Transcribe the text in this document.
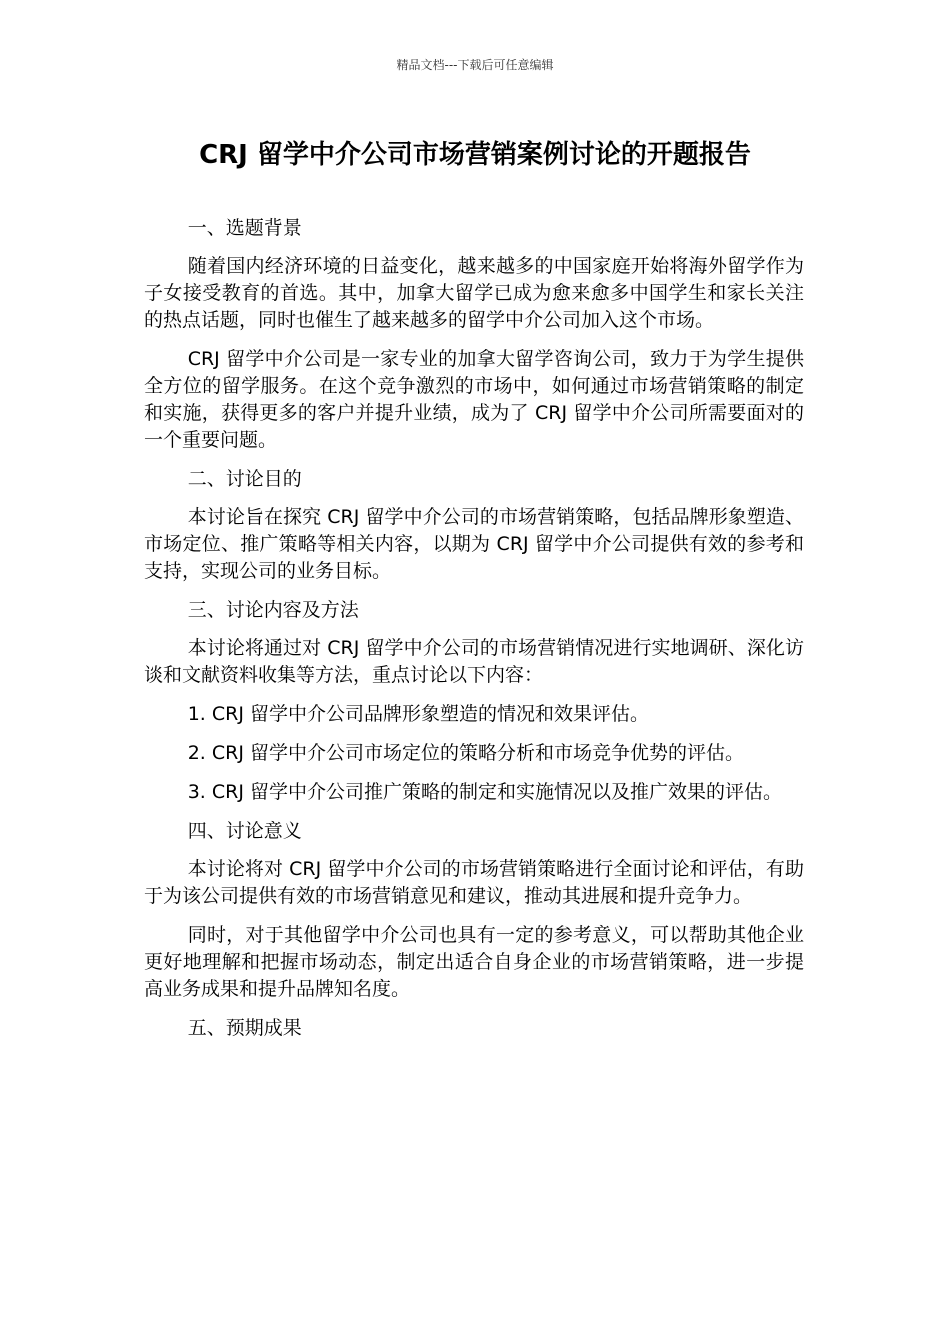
精品文档---下载后可任意编辑
CRJ 留学中介公司市场营销案例讨论的开题报告

一、选题背景

随着国内经济环境的日益变化，越来越多的中国家庭开始将海外留学作为子女接受教育的首选。其中，加拿大留学已成为愈来愈多中国学生和家长关注的热点话题，同时也催生了越来越多的留学中介公司加入这个市场。

CRJ 留学中介公司是一家专业的加拿大留学咨询公司，致力于为学生提供全方位的留学服务。在这个竞争激烈的市场中，如何通过市场营销策略的制定和实施，获得更多的客户并提升业绩，成为了 CRJ 留学中介公司所需要面对的一个重要问题。

二、讨论目的

本讨论旨在探究 CRJ 留学中介公司的市场营销策略，包括品牌形象塑造、市场定位、推广策略等相关内容，以期为 CRJ 留学中介公司提供有效的参考和支持，实现公司的业务目标。

三、讨论内容及方法

本讨论将通过对 CRJ 留学中介公司的市场营销情况进行实地调研、深化访谈和文献资料收集等方法，重点讨论以下内容：

1. CRJ 留学中介公司品牌形象塑造的情况和效果评估。

2. CRJ 留学中介公司市场定位的策略分析和市场竞争优势的评估。

3. CRJ 留学中介公司推广策略的制定和实施情况以及推广效果的评估。

四、讨论意义

本讨论将对 CRJ 留学中介公司的市场营销策略进行全面讨论和评估，有助于为该公司提供有效的市场营销意见和建议，推动其进展和提升竞争力。

同时，对于其他留学中介公司也具有一定的参考意义，可以帮助其他企业更好地理解和把握市场动态，制定出适合自身企业的市场营销策略，进一步提高业务成果和提升品牌知名度。

五、预期成果
